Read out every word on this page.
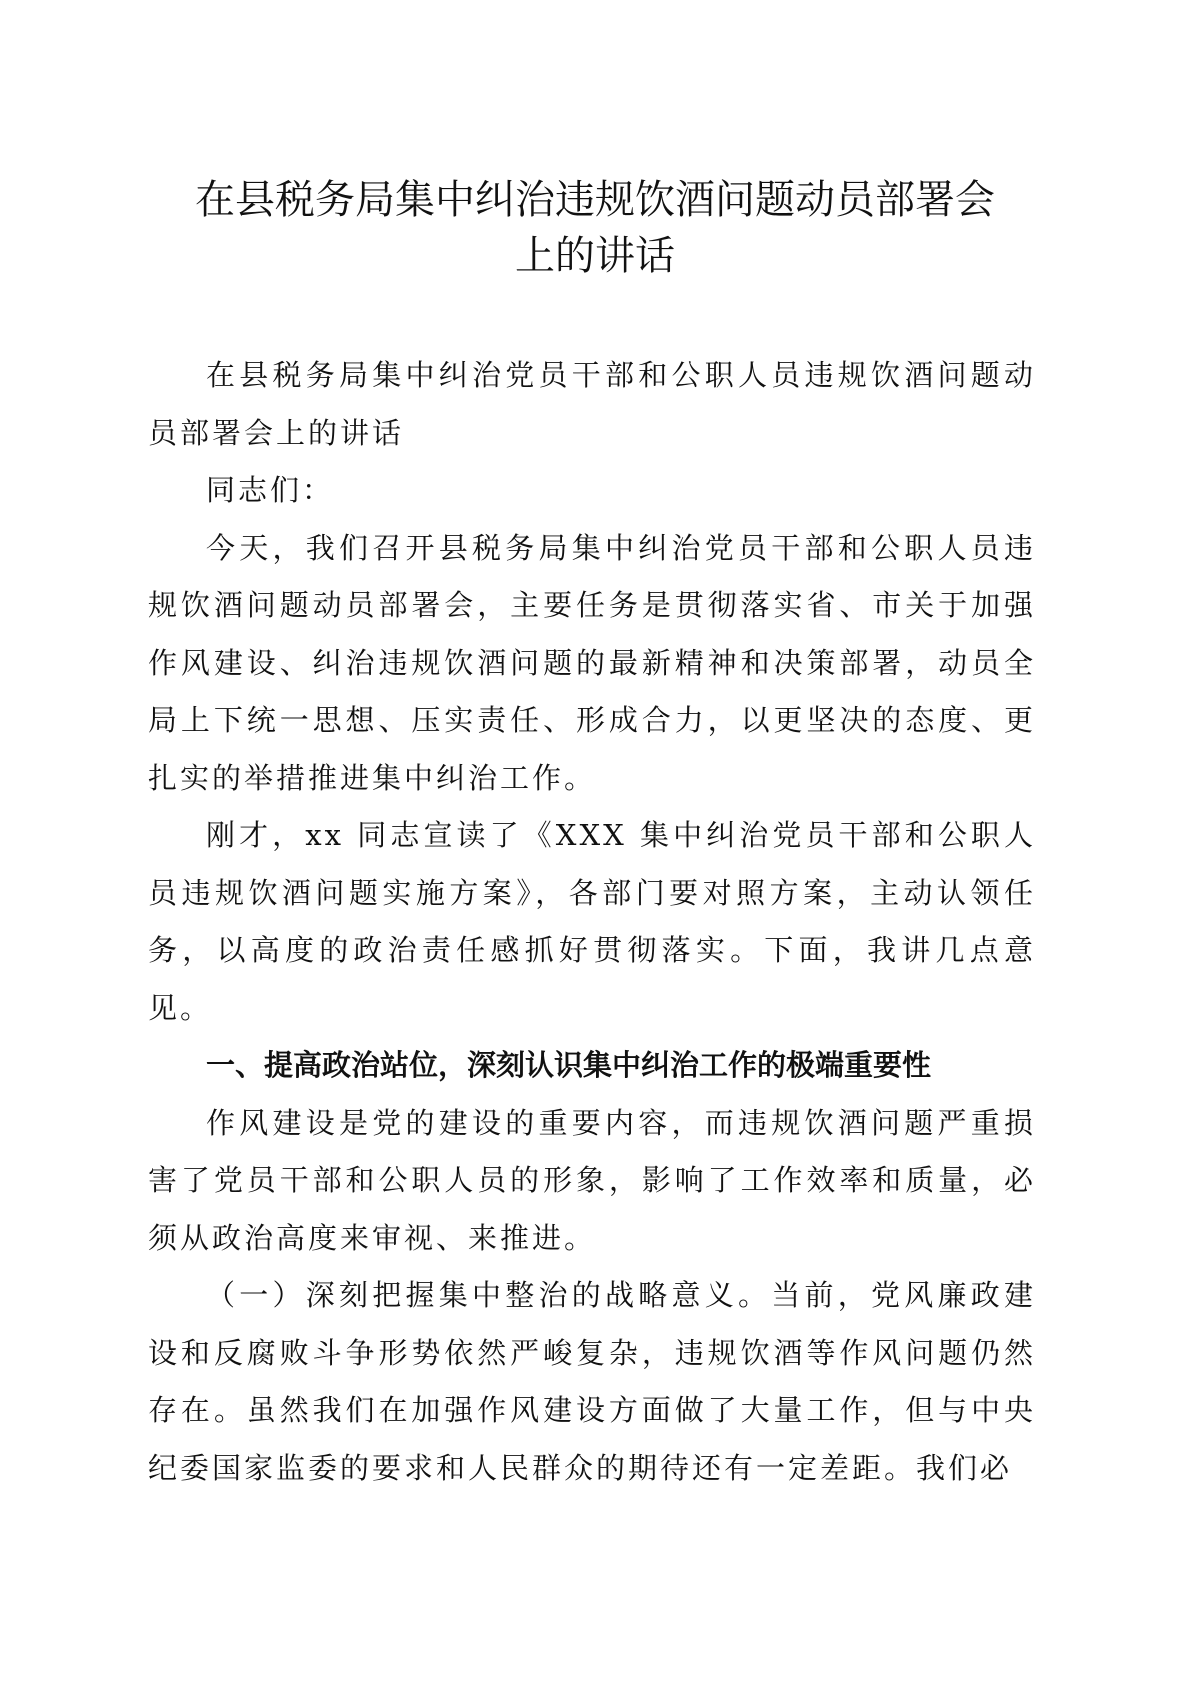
在县税务局集中纠治违规饮酒问题动员部署会
上的讲话

在县税务局集中纠治党员干部和公职人员违规饮酒问题动员部署会上的讲话

同志们：

今天，我们召开县税务局集中纠治党员干部和公职人员违规饮酒问题动员部署会，主要任务是贯彻落实省、市关于加强作风建设、纠治违规饮酒问题的最新精神和决策部署，动员全局上下统一思想、压实责任、形成合力，以更坚决的态度、更扎实的举措推进集中纠治工作。

刚才，xx 同志宣读了《XXX 集中纠治党员干部和公职人员违规饮酒问题实施方案》，各部门要对照方案，主动认领任务，以高度的政治责任感抓好贯彻落实。下面，我讲几点意见。

一、提高政治站位，深刻认识集中纠治工作的极端重要性

作风建设是党的建设的重要内容，而违规饮酒问题严重损害了党员干部和公职人员的形象，影响了工作效率和质量，必须从政治高度来审视、来推进。

（一）深刻把握集中整治的战略意义。当前，党风廉政建设和反腐败斗争形势依然严峻复杂，违规饮酒等作风问题仍然存在。虽然我们在加强作风建设方面做了大量工作，但与中央纪委国家监委的要求和人民群众的期待还有一定差距。我们必
